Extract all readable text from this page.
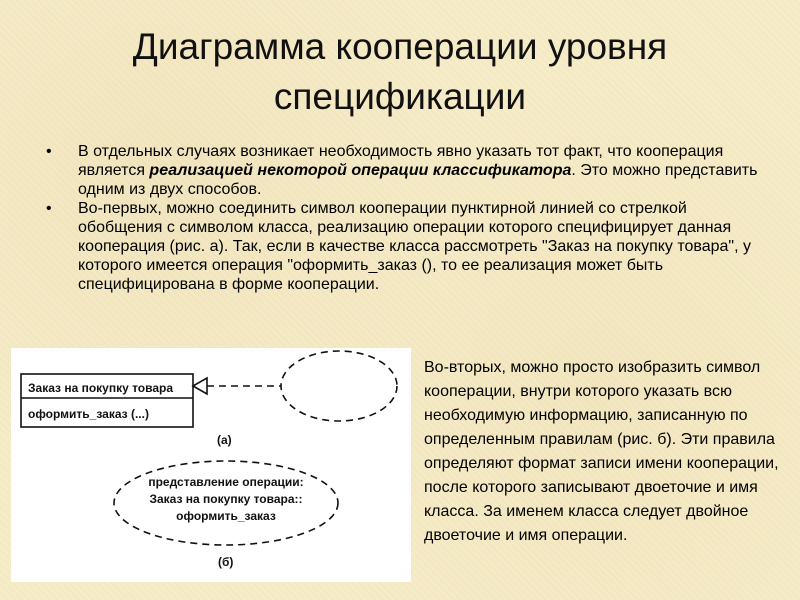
Диаграмма кооперации уровня
спецификации
• В отдельных случаях возникает необходимость явно указать тот факт, что кооперация является реализацией некоторой операции классификатора. Это можно представить одним из двух способов.
• Во-первых, можно соединить символ кооперации пунктирной линией со стрелкой обобщения с символом класса, реализацию операции которого специфицирует данная кооперация (рис. а). Так, если в качестве класса рассмотреть "Заказ на покупку товара", у которого имеется операция "оформить_заказ (), то ее реализация может быть специфицирована в форме кооперации.
Заказ на покупку товара
оформить_заказ (...)
(а)
представление операции:
Заказ на покупку товара::
оформить_заказ
(б)

Во-вторых, можно просто изобразить символ кооперации, внутри которого указать всю необходимую информацию, записанную по определенным правилам (рис. б). Эти правила определяют формат записи имени кооперации, после которого записывают двоеточие и имя класса. За именем класса следует двойное двоеточие и имя операции.
